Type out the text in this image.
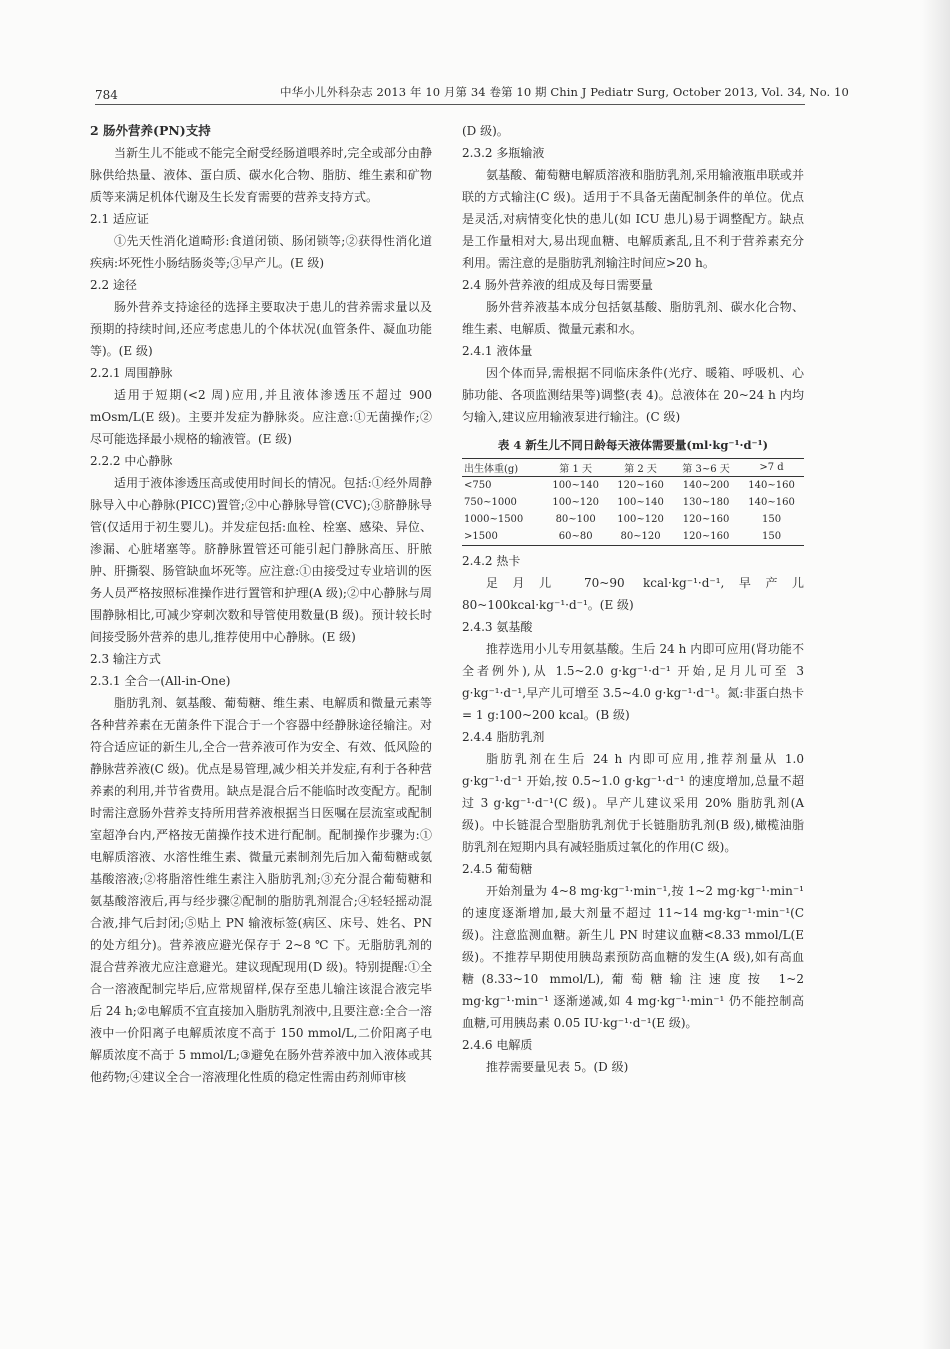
784	中华小儿外科杂志 2013 年 10 月第 34 卷第 10 期 Chin J Pediatr Surg, October 2013, Vol. 34, No. 10
2 肠外营养(PN)支持

当新生儿不能或不能完全耐受经肠道喂养时,完全或部分由静脉供给热量、液体、蛋白质、碳水化合物、脂肪、维生素和矿物质等来满足机体代谢及生长发育需要的营养支持方式。

2.1 适应证

①先天性消化道畸形:食道闭锁、肠闭锁等;②获得性消化道疾病:坏死性小肠结肠炎等;③早产儿。(E 级)

2.2 途径

肠外营养支持途径的选择主要取决于患儿的营养需求量以及预期的持续时间,还应考虑患儿的个体状况(血管条件、凝血功能等)。(E 级)

2.2.1 周围静脉

适用于短期(<2 周)应用,并且液体渗透压不超过 900 mOsm/L(E 级)。主要并发症为静脉炎。应注意:①无菌操作;②尽可能选择最小规格的输液管。(E 级)

2.2.2 中心静脉

适用于液体渗透压高或使用时间长的情况。包括:①经外周静脉导入中心静脉(PICC)置管;②中心静脉导管(CVC);③脐静脉导管(仅适用于初生婴儿)。并发症包括:血栓、栓塞、感染、异位、渗漏、心脏堵塞等。脐静脉置管还可能引起门静脉高压、肝脓肿、肝撕裂、肠管缺血坏死等。应注意:①由接受过专业培训的医务人员严格按照标准操作进行置管和护理(A 级);②中心静脉与周围静脉相比,可减少穿刺次数和导管使用数量(B 级)。预计较长时间接受肠外营养的患儿,推荐使用中心静脉。(E 级)

2.3 输注方式
2.3.1 全合一(All-in-One)

脂肪乳剂、氨基酸、葡萄糖、维生素、电解质和微量元素等各种营养素在无菌条件下混合于一个容器中经静脉途径输注。对符合适应证的新生儿,全合一营养液可作为安全、有效、低风险的静脉营养液(C 级)。优点是易管理,减少相关并发症,有利于各种营养素的利用,并节省费用。缺点是混合后不能临时改变配方。配制时需注意肠外营养支持所用营养液根据当日医嘱在层流室或配制室超净台内,严格按无菌操作技术进行配制。配制操作步骤为:①电解质溶液、水溶性维生素、微量元素制剂先后加入葡萄糖或氨基酸溶液;②将脂溶性维生素注入脂肪乳剂;③充分混合葡萄糖和氨基酸溶液后,再与经步骤②配制的脂肪乳剂混合;④轻轻摇动混合液,排气后封闭;⑤贴上 PN 输液标签(病区、床号、姓名、PN 的处方组分)。营养液应避光保存于 2~8 ℃ 下。无脂肪乳剂的混合营养液尤应注意避光。建议现配现用(D 级)。特别提醒:①全合一溶液配制完毕后,应常规留样,保存至患儿输注该混合液完毕后 24 h;②电解质不宜直接加入脂肪乳剂液中,且要注意:全合一溶液中一价阳离子电解质浓度不高于 150 mmol/L,二价阳离子电解质浓度不高于 5 mmol/L;③避免在肠外营养液中加入液体或其他药物;④建议全合一溶液理化性质的稳定性需由药剂师审核

(D 级)。

2.3.2 多瓶输液

氨基酸、葡萄糖电解质溶液和脂肪乳剂,采用输液瓶串联或并联的方式输注(C 级)。适用于不具备无菌配制条件的单位。优点是灵活,对病情变化快的患儿(如 ICU 患儿)易于调整配方。缺点是工作量相对大,易出现血糖、电解质紊乱,且不利于营养素充分利用。需注意的是脂肪乳剂输注时间应>20 h。

2.4 肠外营养液的组成及每日需要量

肠外营养液基本成分包括氨基酸、脂肪乳剂、碳水化合物、维生素、电解质、微量元素和水。

2.4.1 液体量

因个体而异,需根据不同临床条件(光疗、暖箱、呼吸机、心肺功能、各项监测结果等)调整(表 4)。总液体在 20~24 h 内均匀输入,建议应用输液泵进行输注。(C 级)

表 4 新生儿不同日龄每天液体需要量(ml·kg⁻¹·d⁻¹)
出生体重(g)	第 1 天	第 2 天	第 3~6 天	>7 d
<750	100~140	120~160	140~200	140~160
750~1000	100~120	100~140	130~180	140~160
1000~1500	80~100	100~120	120~160	150
>1500	60~80	80~120	120~160	150
2.4.2 热卡

足月儿 70~90 kcal·kg⁻¹·d⁻¹,早产儿 80~100kcal·kg⁻¹·d⁻¹。(E 级)

2.4.3 氨基酸

推荐选用小儿专用氨基酸。生后 24 h 内即可应用(肾功能不全者例外),从 1.5~2.0 g·kg⁻¹·d⁻¹ 开始,足月儿可至 3 g·kg⁻¹·d⁻¹,早产儿可增至 3.5~4.0 g·kg⁻¹·d⁻¹。氮:非蛋白热卡 = 1 g:100~200 kcal。(B 级)

2.4.4 脂肪乳剂

脂肪乳剂在生后 24 h 内即可应用,推荐剂量从 1.0 g·kg⁻¹·d⁻¹ 开始,按 0.5~1.0 g·kg⁻¹·d⁻¹ 的速度增加,总量不超过 3 g·kg⁻¹·d⁻¹(C 级)。早产儿建议采用 20% 脂肪乳剂(A 级)。中长链混合型脂肪乳剂优于长链脂肪乳剂(B 级),橄榄油脂肪乳剂在短期内具有减轻脂质过氧化的作用(C 级)。

2.4.5 葡萄糖

开始剂量为 4~8 mg·kg⁻¹·min⁻¹,按 1~2 mg·kg⁻¹·min⁻¹ 的速度逐渐增加,最大剂量不超过 11~14 mg·kg⁻¹·min⁻¹(C 级)。注意监测血糖。新生儿 PN 时建议血糖<8.33 mmol/L(E 级)。不推荐早期使用胰岛素预防高血糖的发生(A 级),如有高血糖(8.33~10 mmol/L),葡萄糖输注速度按 1~2 mg·kg⁻¹·min⁻¹ 逐渐递减,如 4 mg·kg⁻¹·min⁻¹ 仍不能控制高血糖,可用胰岛素 0.05 IU·kg⁻¹·d⁻¹(E 级)。

2.4.6 电解质

推荐需要量见表 5。(D 级)
